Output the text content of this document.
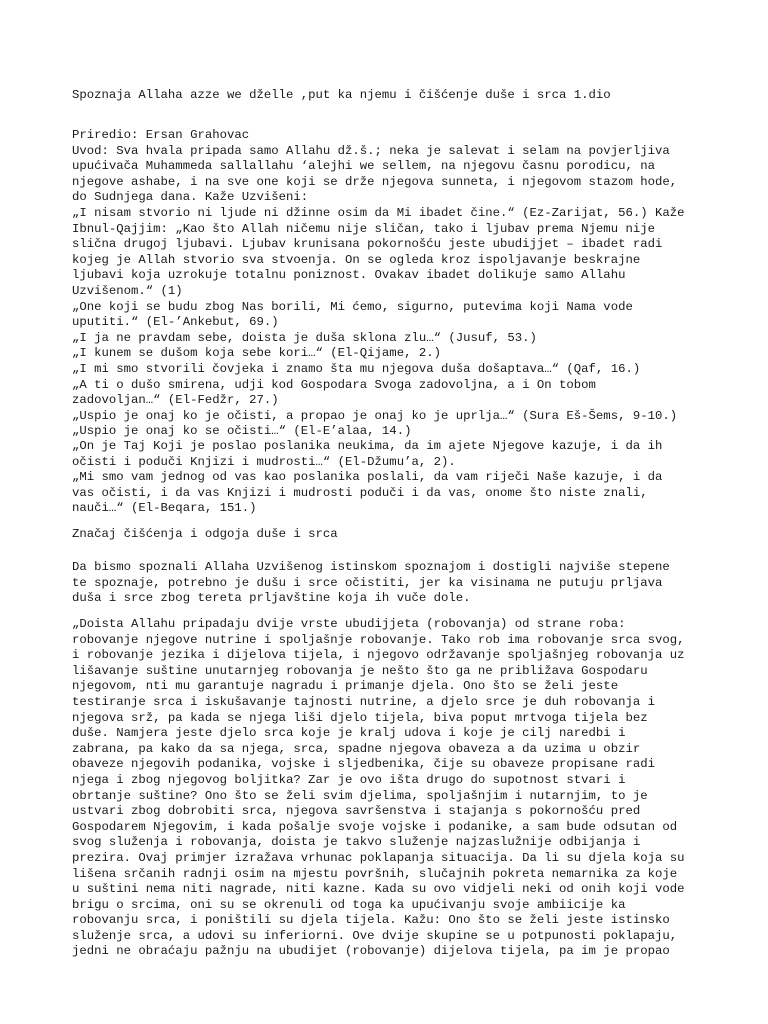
Spoznaja Allaha azze we dželle ,put ka njemu i čišćenje duše i srca 1.dio
Priredio: Ersan Grahovac
Uvod: Sva hvala pripada samo Allahu dž.š.; neka je salevat i selam na povjerljiva
upućivača Muhammeda sallallahu ‘alejhi we sellem, na njegovu časnu porodicu, na
njegove ashabe, i na sve one koji se drže njegova sunneta, i njegovom stazom hode,
do Sudnjega dana. Kaže Uzvišeni:
„I nisam stvorio ni ljude ni džinne osim da Mi ibadet čine.“ (Ez-Zarijat, 56.) Kaže
Ibnul-Qajjim: „Kao što Allah ničemu nije sličan, tako i ljubav prema Njemu nije
slična drugoj ljubavi. Ljubav krunisana pokornošću jeste ubudijjet – ibadet radi
kojeg je Allah stvorio sva stvoenja. On se ogleda kroz ispoljavanje beskrajne
ljubavi koja uzrokuje totalnu poniznost. Ovakav ibadet dolikuje samo Allahu
Uzvišenom.“ (1)
„One koji se budu zbog Nas borili, Mi ćemo, sigurno, putevima koji Nama vode
uputiti.“ (El-’Ankebut, 69.)
„I ja ne pravdam sebe, doista je duša sklona zlu…“ (Jusuf, 53.)
„I kunem se dušom koja sebe kori…“ (El-Qijame, 2.)
„I mi smo stvorili čovjeka i znamo šta mu njegova duša došaptava…“ (Qaf, 16.)
„A ti o dušo smirena, udji kod Gospodara Svoga zadovoljna, a i On tobom
zadovoljan…“ (El-Fedžr, 27.)
„Uspio je onaj ko je očisti, a propao je onaj ko je uprlja…“ (Sura Eš-Šems, 9-10.)
„Uspio je onaj ko se očisti…“ (El-E’alaa, 14.)
„On je Taj Koji je poslao poslanika neukima, da im ajete Njegove kazuje, i da ih
očisti i poduči Knjizi i mudrosti…“ (El-Džumu’a, 2).
„Mi smo vam jednog od vas kao poslanika poslali, da vam riječi Naše kazuje, i da
vas očisti, i da vas Knjizi i mudrosti poduči i da vas, onome što niste znali,
nauči…“ (El-Beqara, 151.)
Značaj čišćenja i odgoja duše i srca
Da bismo spoznali Allaha Uzvišenog istinskom spoznajom i dostigli najviše stepene
te spoznaje, potrebno je dušu i srce očistiti, jer ka visinama ne putuju prljava
duša i srce zbog tereta prljavštine koja ih vuče dole.
„Doista Allahu pripadaju dvije vrste ubudijjeta (robovanja) od strane roba:
robovanje njegove nutrine i spoljašnje robovanje. Tako rob ima robovanje srca svog,
i robovanje jezika i dijelova tijela, i njegovo održavanje spoljašnjeg robovanja uz
lišavanje suštine unutarnjeg robovanja je nešto što ga ne približava Gospodaru
njegovom, nti mu garantuje nagradu i primanje djela. Ono što se želi jeste
testiranje srca i iskušavanje tajnosti nutrine, a djelo srce je duh robovanja i
njegova srž, pa kada se njega liši djelo tijela, biva poput mrtvoga tijela bez
duše. Namjera jeste djelo srca koje je kralj udova i koje je cilj naredbi i
zabrana, pa kako da sa njega, srca, spadne njegova obaveza a da uzima u obzir
obaveze njegovih podanika, vojske i sljedbenika, čije su obaveze propisane radi
njega i zbog njegovog boljitka? Zar je ovo išta drugo do supotnost stvari i
obrtanje suštine? Ono što se želi svim djelima, spoljašnjim i nutarnjim, to je
ustvari zbog dobrobiti srca, njegova savršenstva i stajanja s pokornošću pred
Gospodarem Njegovim, i kada pošalje svoje vojske i podanike, a sam bude odsutan od
svog služenja i robovanja, doista je takvo služenje najzaslužnije odbijanja i
prezira. Ovaj primjer izražava vrhunac poklapanja situacija. Da li su djela koja su
lišena srčanih radnji osim na mjestu površnih, slučajnih pokreta nemarnika za koje
u suštini nema niti nagrade, niti kazne. Kada su ovo vidjeli neki od onih koji vode
brigu o srcima, oni su se okrenuli od toga ka upućivanju svoje ambiicije ka
robovanju srca, i poništili su djela tijela. Kažu: Ono što se želi jeste istinsko
služenje srca, a udovi su inferiorni. Ove dvije skupine se u potpunosti poklapaju,
jedni ne obraćaju pažnju na ubudijet (robovanje) dijelova tijela, pa im je propao
